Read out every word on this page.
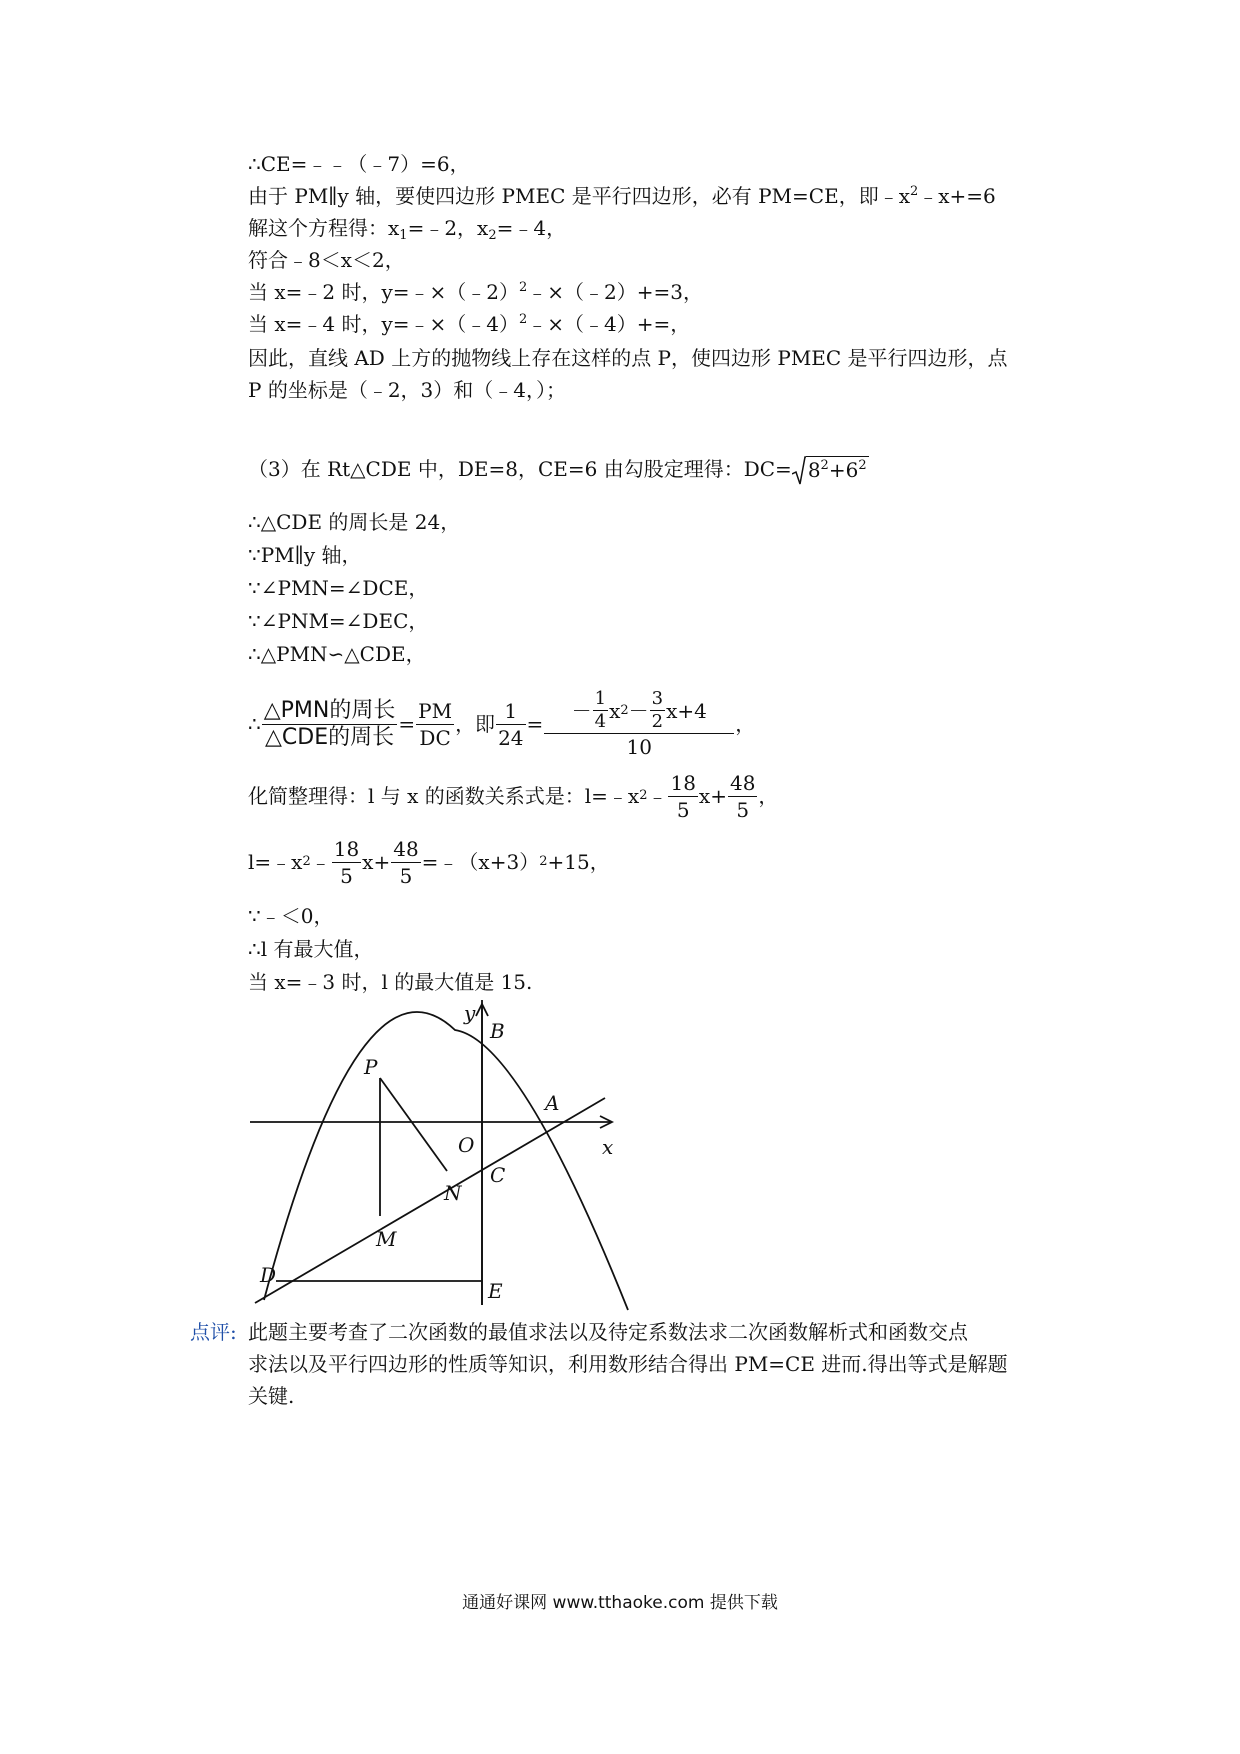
∴CE=﹣﹣（﹣7）=6，
由于 PM∥y 轴，要使四边形 PMEC 是平行四边形，必有 PM=CE，即$﹣x^2﹣x+=6$
解这个方程得：$x_1=﹣2$，$x_2=﹣4$，
符合﹣8＜x＜2，
当 x=﹣2 时，y=﹣×（﹣2）$^2$﹣×（﹣2）+=3，
当 x=﹣4 时，y=﹣×（﹣4）$^2$﹣×（﹣4）+=，
因此，直线 AD 上方的抛物线上存在这样的点 P，使四边形 PMEC 是平行四边形，点
P 的坐标是（﹣2，3）和（﹣4，）；
（3）在 Rt△CDE 中，DE=8，CE=6 由勾股定理得：$DC= 8^2+6^2$
∴△CDE 的周长是 24，
∵PM∥y 轴，
∵∠PMN=∠DCE，
∵∠PNM=∠DEC，
∴△PMN∽△CDE，
∴ $\frac{\text{△PMN的周长}}{\text{△CDE的周长}} = \frac{PM}{DC}$ ，即 $\frac{1}{24}$ =
－ $\frac{1}{4}$ x $2 - \frac{3}{2} x+4$
10
，
化简整理得：l 与 x 的函数关系式是：l=﹣x 2 ﹣ $\frac{18}{5} x+ \frac{48}{5}$ ，
l=﹣x 2 ﹣ $\frac{18}{5} x+ \frac{48}{5}$ =﹣（x+3） 2 +15，
∵﹣＜0，
∴l 有最大值，
当 x=﹣3 时，l 的最大值是 15.
y
B
P
A
O	x
C
N
M
D
E
点评: 此题主要考查了二次函数的最值求法以及待定系数法求二次函数解析式和函数交点
求法以及平行四边形的性质等知识，利用数形结合得出 PM=CE 进而.得出等式是解题
关键.
通通好课网 www.tthaoke.com 提供下载
